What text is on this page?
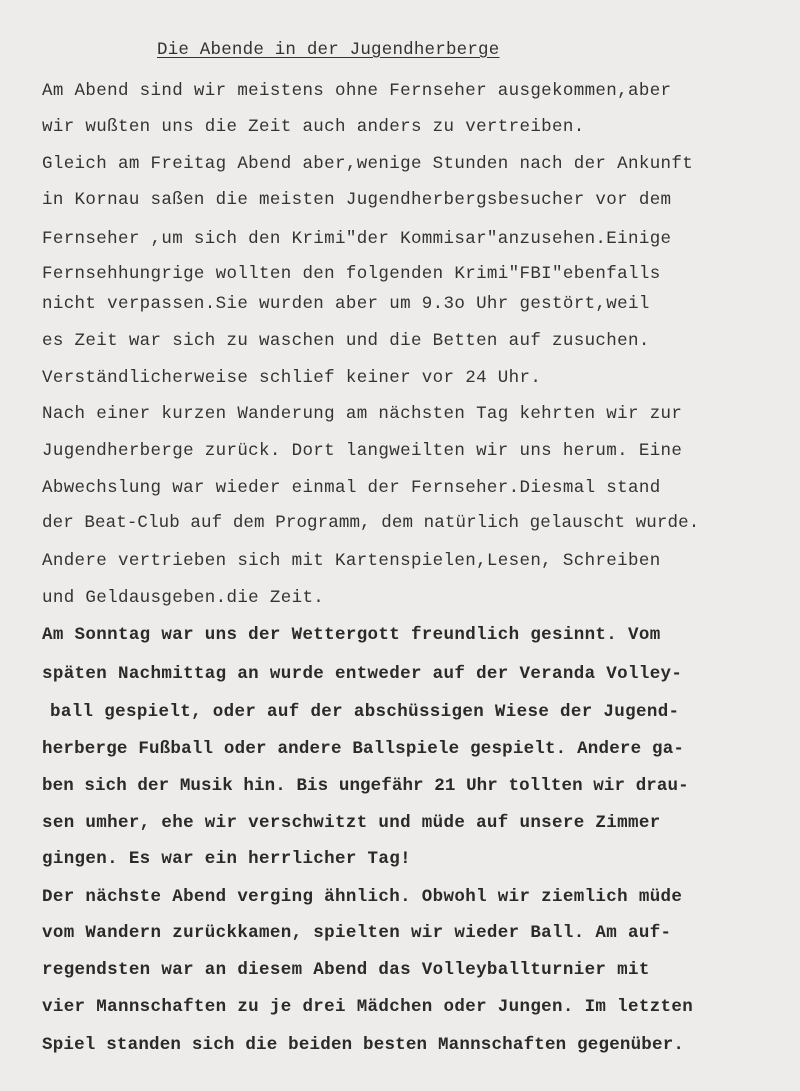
Die Abende in der Jugendherberge
Am Abend sind wir meistens ohne Fernseher ausgekommen,aber
wir wußten uns die Zeit auch anders zu vertreiben.
Gleich am Freitag Abend aber,wenige Stunden nach der Ankunft
in Kornau saßen die meisten Jugendherbergsbesucher vor dem
Fernseher ,um sich den Krimi"der Kommisar"anzusehen.Einige
Fernsehhungrige wollten den folgenden Krimi"FBI"ebenfalls
nicht verpassen.Sie wurden aber um 9.3o Uhr gestört,weil
es Zeit war sich zu waschen und die Betten auf zusuchen.
Verständlicherweise schlief keiner vor 24 Uhr.
Nach einer kurzen Wanderung am nächsten Tag kehrten wir zur
Jugendherberge zurück. Dort langweilten wir uns herum. Eine
Abwechslung war wieder einmal der Fernseher.Diesmal stand
der Beat-Club auf dem Programm, dem natürlich gelauscht wurde.
Andere vertrieben sich mit Kartenspielen,Lesen, Schreiben
und Geldausgeben.die Zeit.
Am Sonntag war uns der Wettergott freundlich gesinnt. Vom
späten Nachmittag an wurde entweder auf der Veranda Volley-
ball gespielt, oder auf der abschüssigen Wiese der Jugend-
herberge Fußball oder andere Ballspiele gespielt. Andere ga-
ben sich der Musik hin. Bis ungefähr 21 Uhr tollten wir drau-
sen umher, ehe wir verschwitzt und müde auf unsere Zimmer
gingen. Es war ein herrlicher Tag!
Der nächste Abend verging ähnlich. Obwohl wir ziemlich müde
vom Wandern zurückkamen, spielten wir wieder Ball. Am auf-
regendsten war an diesem Abend das Volleyballturnier mit
vier Mannschaften zu je drei Mädchen oder Jungen. Im letzten
Spiel standen sich die beiden besten Mannschaften gegenüber.
